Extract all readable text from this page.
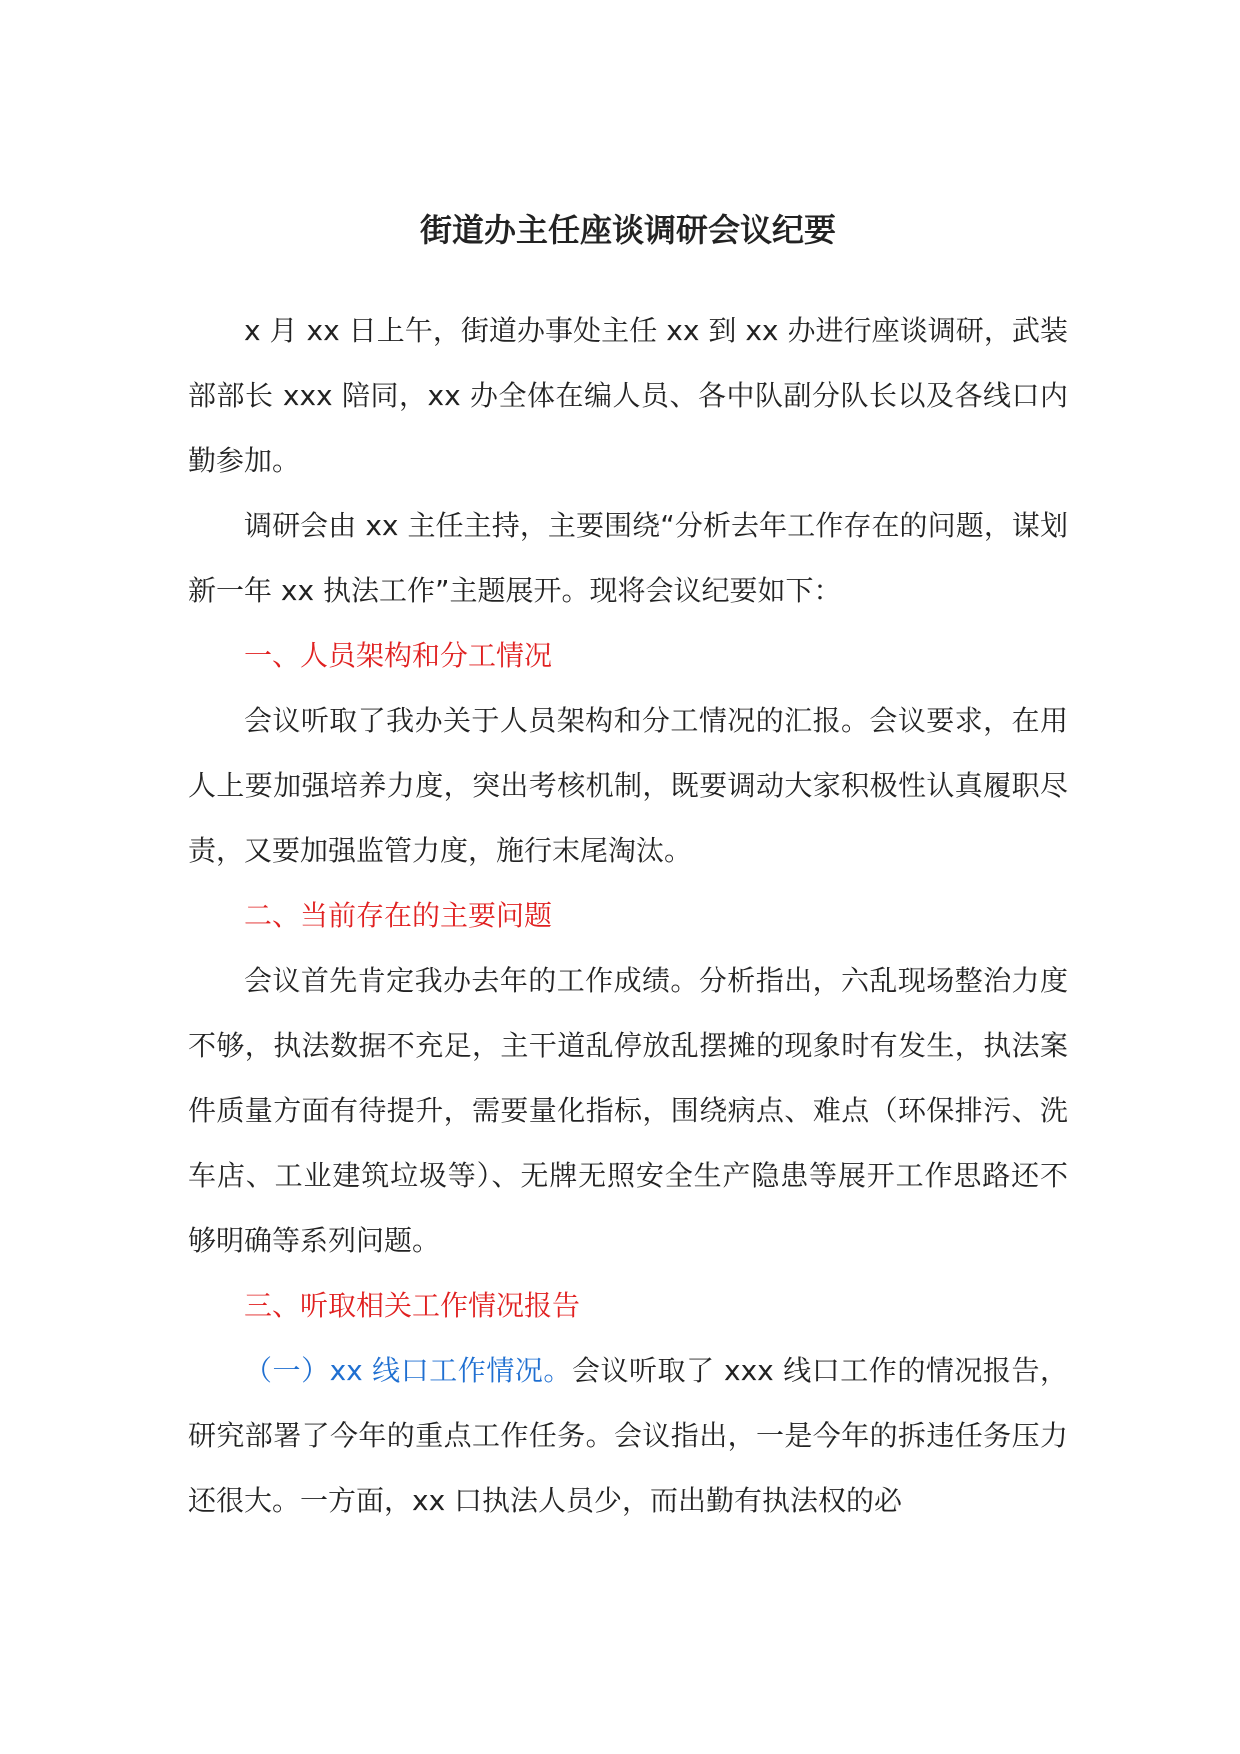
街道办主任座谈调研会议纪要

x 月 xx 日上午，街道办事处主任 xx 到 xx 办进行座谈调研，武装部部长 xxx 陪同，xx 办全体在编人员、各中队副分队长以及各线口内勤参加。

调研会由 xx 主任主持，主要围绕“分析去年工作存在的问题，谋划新一年 xx 执法工作”主题展开。现将会议纪要如下：

一、人员架构和分工情况

会议听取了我办关于人员架构和分工情况的汇报。会议要求，在用人上要加强培养力度，突出考核机制，既要调动大家积极性认真履职尽责，又要加强监管力度，施行末尾淘汰。

二、当前存在的主要问题

会议首先肯定我办去年的工作成绩。分析指出，六乱现场整治力度不够，执法数据不充足，主干道乱停放乱摆摊的现象时有发生，执法案件质量方面有待提升，需要量化指标，围绕病点、难点（环保排污、洗车店、工业建筑垃圾等）、无牌无照安全生产隐患等展开工作思路还不够明确等系列问题。

三、听取相关工作情况报告

（一）xx 线口工作情况。会议听取了 xxx 线口工作的情况报告，研究部署了今年的重点工作任务。会议指出，一是今年的拆违任务压力还很大。一方面，xx 口执法人员少，而出勤有执法权的必
